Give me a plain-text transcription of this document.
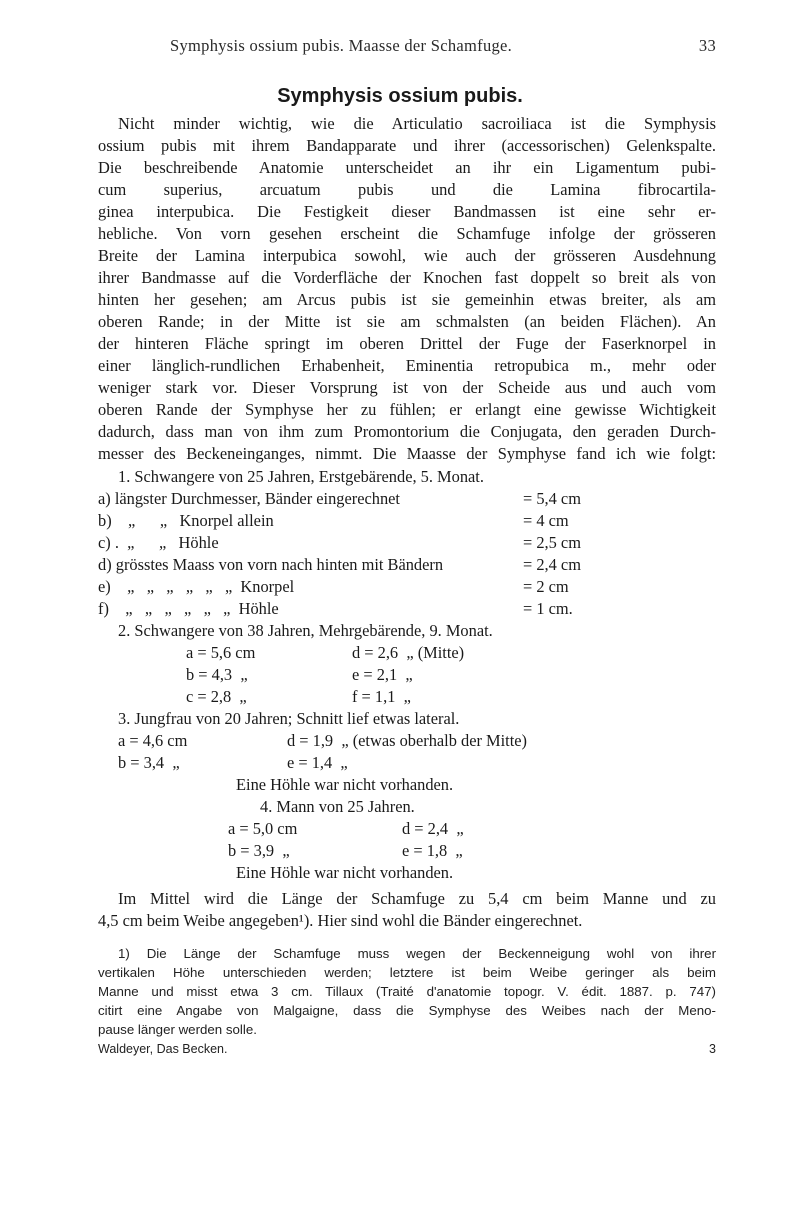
Symphysis ossium pubis. Maasse der Schamfuge.	33
Symphysis ossium pubis.
Nicht minder wichtig, wie die Articulatio sacroiliaca ist die Symphysis
ossium pubis mit ihrem Bandapparate und ihrer (accessorischen) Gelenkspalte.
Die beschreibende Anatomie unterscheidet an ihr ein Ligamentum pubi-
cum superius, arcuatum pubis und die Lamina fibrocartila-
ginea interpubica. Die Festigkeit dieser Bandmassen ist eine sehr er-
hebliche. Von vorn gesehen erscheint die Schamfuge infolge der grösseren
Breite der Lamina interpubica sowohl, wie auch der grösseren Ausdehnung
ihrer Bandmasse auf die Vorderfläche der Knochen fast doppelt so breit als von
hinten her gesehen; am Arcus pubis ist sie gemeinhin etwas breiter, als am
oberen Rande; in der Mitte ist sie am schmalsten (an beiden Flächen). An
der hinteren Fläche springt im oberen Drittel der Fuge der Faserknorpel in
einer länglich-rundlichen Erhabenheit, Eminentia retropubica m., mehr oder
weniger stark vor. Dieser Vorsprung ist von der Scheide aus und auch vom
oberen Rande der Symphyse her zu fühlen; er erlangt eine gewisse Wichtigkeit
dadurch, dass man von ihm zum Promontorium die Conjugata, den geraden Durch-
messer des Beckeneinganges, nimmt. Die Maasse der Symphyse fand ich wie folgt:
1. Schwangere von 25 Jahren, Erstgebärende, 5. Monat.
a) längster Durchmesser, Bänder eingerechnet	= 5,4 cm
b)    „      „   Knorpel allein	= 4 cm
c) .  „      „   Höhle	= 2,5 cm
d) grösstes Maass von vorn nach hinten mit Bändern	= 2,4 cm
e)    „   „   „   „   „   „  Knorpel	= 2 cm
f)    „   „   „   „   „   „  Höhle	= 1 cm.
2. Schwangere von 38 Jahren, Mehrgebärende, 9. Monat.
a = 5,6 cm	d = 2,6  „ (Mitte)
b = 4,3  „	e = 2,1  „
c = 2,8  „	f = 1,1  „
3. Jungfrau von 20 Jahren; Schnitt lief etwas lateral.
a = 4,6 cm	d = 1,9  „ (etwas oberhalb der Mitte)
b = 3,4  „	e = 1,4  „
Eine Höhle war nicht vorhanden.
4. Mann von 25 Jahren.
a = 5,0 cm	d = 2,4  „
b = 3,9  „	e = 1,8  „
Eine Höhle war nicht vorhanden.
Im Mittel wird die Länge der Schamfuge zu 5,4 cm beim Manne und zu
4,5 cm beim Weibe angegeben¹). Hier sind wohl die Bänder eingerechnet.
1) Die Länge der Schamfuge muss wegen der Beckenneigung wohl von ihrer
vertikalen Höhe unterschieden werden; letztere ist beim Weibe geringer als beim
Manne und misst etwa 3 cm. Tillaux (Traité d'anatomie topogr. V. édit. 1887. p. 747)
citirt eine Angabe von Malgaigne, dass die Symphyse des Weibes nach der Meno-
pause länger werden solle.
Waldeyer, Das Becken.	3
